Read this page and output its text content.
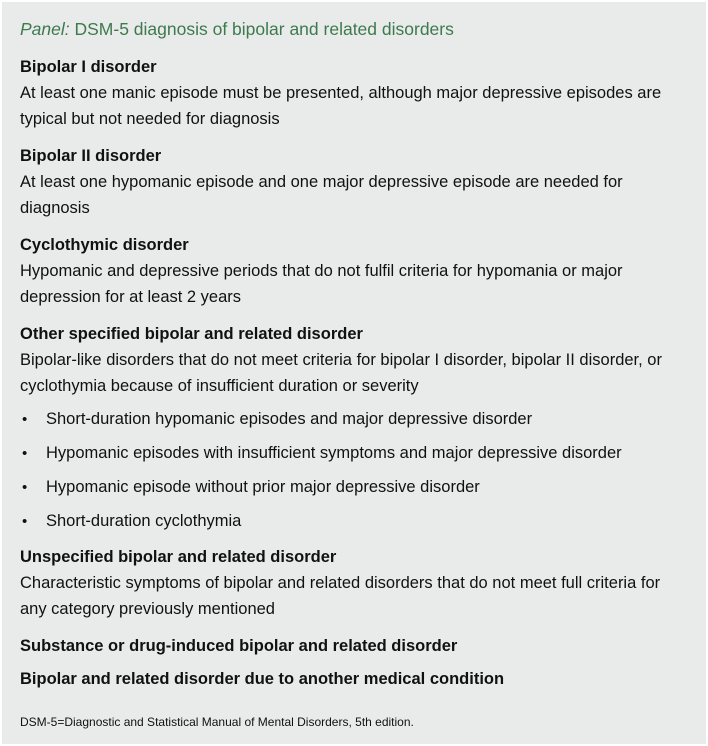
Panel: DSM-5 diagnosis of bipolar and related disorders
Bipolar I disorder
At least one manic episode must be presented, although major depressive episodes are typical but not needed for diagnosis
Bipolar II disorder
At least one hypomanic episode and one major depressive episode are needed for diagnosis
Cyclothymic disorder
Hypomanic and depressive periods that do not fulfil criteria for hypomania or major depression for at least 2 years
Other specified bipolar and related disorder
Bipolar-like disorders that do not meet criteria for bipolar I disorder, bipolar II disorder, or cyclothymia because of insufficient duration or severity
• Short-duration hypomanic episodes and major depressive disorder
• Hypomanic episodes with insufficient symptoms and major depressive disorder
• Hypomanic episode without prior major depressive disorder
• Short-duration cyclothymia
Unspecified bipolar and related disorder
Characteristic symptoms of bipolar and related disorders that do not meet full criteria for any category previously mentioned
Substance or drug-induced bipolar and related disorder
Bipolar and related disorder due to another medical condition
DSM-5=Diagnostic and Statistical Manual of Mental Disorders, 5th edition.
